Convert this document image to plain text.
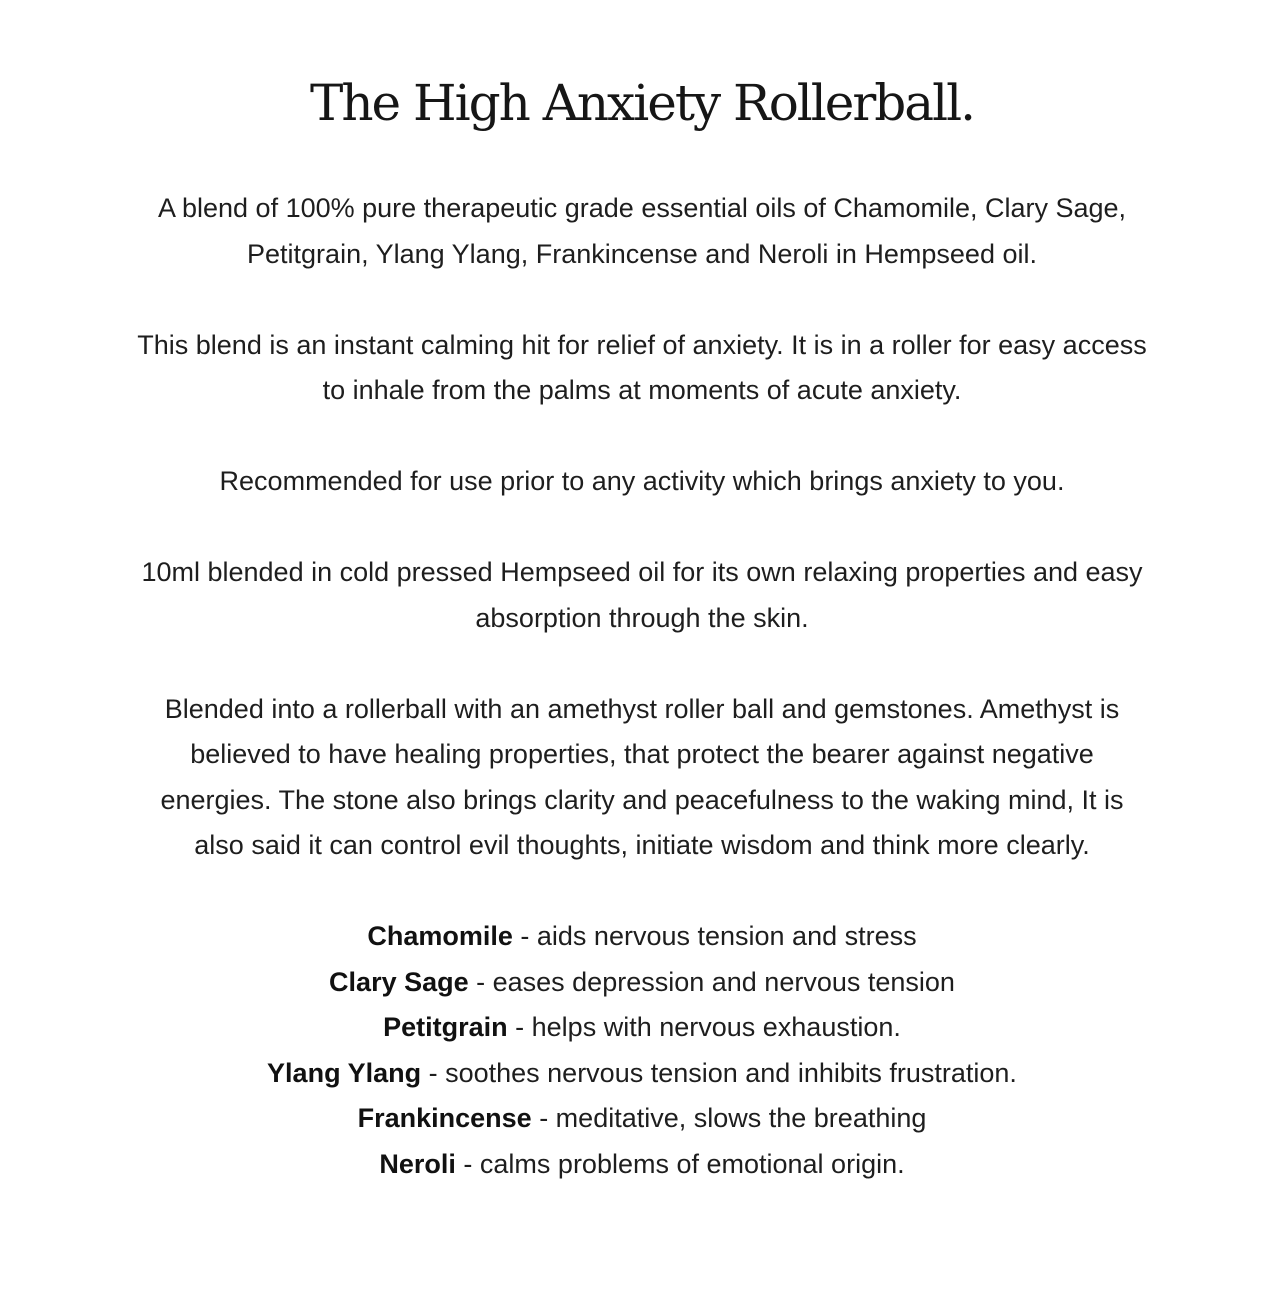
The High Anxiety Rollerball.

A blend of 100% pure therapeutic grade essential oils of Chamomile, Clary Sage, Petitgrain, Ylang Ylang, Frankincense and Neroli in Hempseed oil.

This blend is an instant calming hit for relief of anxiety. It is in a roller for easy access to inhale from the palms at moments of acute anxiety.

Recommended for use prior to any activity which brings anxiety to you.

10ml blended in cold pressed Hempseed oil for its own relaxing properties and easy absorption through the skin.

Blended into a rollerball with an amethyst roller ball and gemstones. Amethyst is believed to have healing properties, that protect the bearer against negative energies. The stone also brings clarity and peacefulness to the waking mind, It is also said it can control evil thoughts, initiate wisdom and think more clearly.

Chamomile - aids nervous tension and stress
Clary Sage - eases depression and nervous tension
Petitgrain - helps with nervous exhaustion.
Ylang Ylang - soothes nervous tension and inhibits frustration.
Frankincense - meditative, slows the breathing
Neroli - calms problems of emotional origin.
